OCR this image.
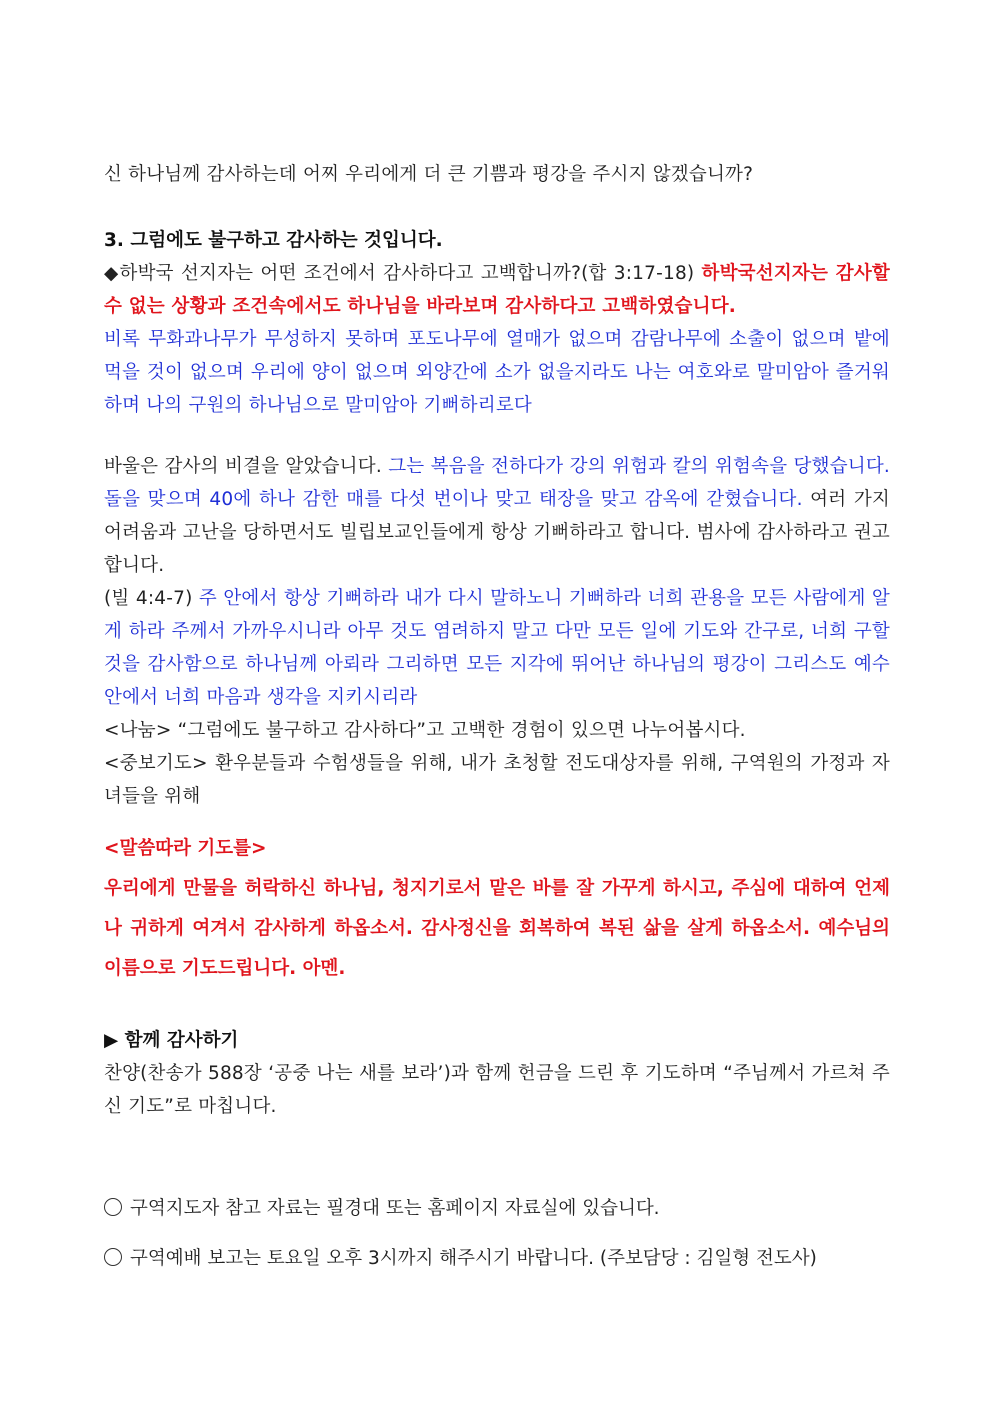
신 하나님께 감사하는데 어찌 우리에게 더 큰 기쁨과 평강을 주시지 않겠습니까?
3. 그럼에도 불구하고 감사하는 것입니다.
◆하박국 선지자는 어떤 조건에서 감사하다고 고백합니까?(합 3:17-18) 하박국선지자는 감사할 수 없는 상황과 조건속에서도 하나님을 바라보며 감사하다고 고백하였습니다.
비록 무화과나무가 무성하지 못하며 포도나무에 열매가 없으며 감람나무에 소출이 없으며 밭에 먹을 것이 없으며 우리에 양이 없으며 외양간에 소가 없을지라도 나는 여호와로 말미암아 즐거워하며 나의 구원의 하나님으로 말미암아 기뻐하리로다
바울은 감사의 비결을 알았습니다. 그는 복음을 전하다가 강의 위험과 칼의 위험속을 당했습니다. 돌을 맞으며 40에 하나 감한 매를 다섯 번이나 맞고 태장을 맞고 감옥에 갇혔습니다. 여러 가지 어려움과 고난을 당하면서도 빌립보교인들에게 항상 기뻐하라고 합니다. 범사에 감사하라고 권고합니다.
(빌 4:4-7) 주 안에서 항상 기뻐하라 내가 다시 말하노니 기뻐하라 너희 관용을 모든 사람에게 알게 하라 주께서 가까우시니라 아무 것도 염려하지 말고 다만 모든 일에 기도와 간구로, 너희 구할 것을 감사함으로 하나님께 아뢰라 그리하면 모든 지각에 뛰어난 하나님의 평강이 그리스도 예수 안에서 너희 마음과 생각을 지키시리라
<나눔> “그럼에도 불구하고 감사하다”고 고백한 경험이 있으면 나누어봅시다.
<중보기도> 환우분들과 수험생들을 위해, 내가 초청할 전도대상자를 위해, 구역원의 가정과 자녀들을 위해
<말씀따라 기도를>
우리에게 만물을 허락하신 하나님, 청지기로서 맡은 바를 잘 가꾸게 하시고, 주심에 대하여 언제나 귀하게 여겨서 감사하게 하옵소서. 감사정신을 회복하여 복된 삶을 살게 하옵소서. 예수님의 이름으로 기도드립니다. 아멘.
▶ 함께 감사하기
찬양(찬송가 588장 ‘공중 나는 새를 보라’)과 함께 헌금을 드린 후 기도하며 “주님께서 가르쳐 주신 기도”로 마칩니다.
구역지도자 참고 자료는 필경대 또는 홈페이지 자료실에 있습니다.
구역예배 보고는 토요일 오후 3시까지 해주시기 바랍니다. (주보담당 : 김일형 전도사)
